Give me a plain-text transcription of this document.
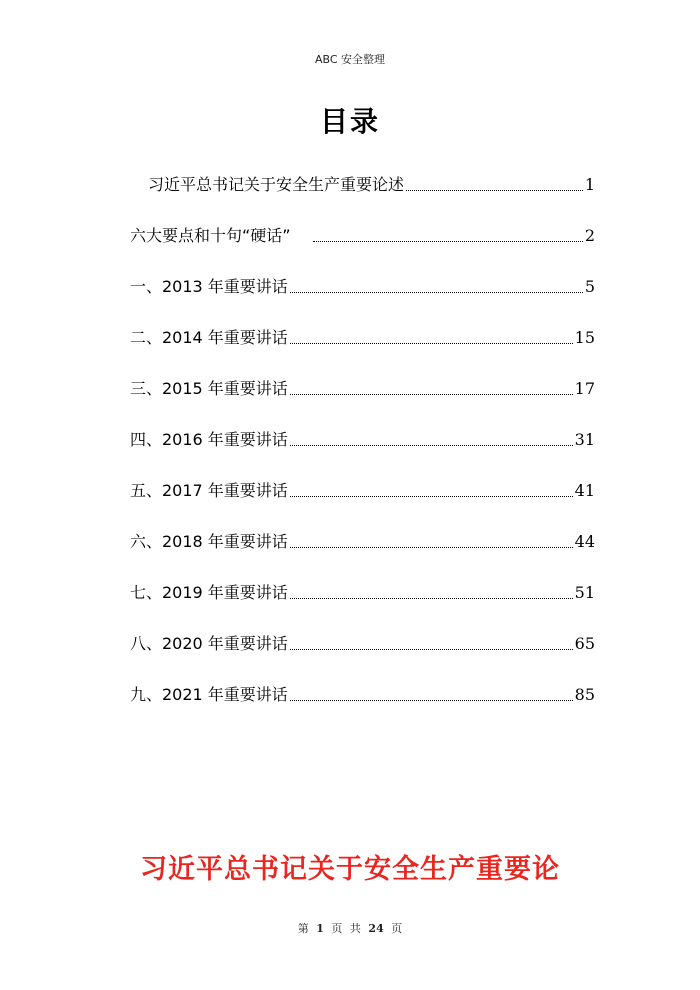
ABC 安全整理
目录
习近平总书记关于安全生产重要论述	1
六大要点和十句“硬话”	2
一、2013 年重要讲话	5
二、2014 年重要讲话	15
三、2015 年重要讲话	17
四、2016 年重要讲话	31
五、2017 年重要讲话	41
六、2018 年重要讲话	44
七、2019 年重要讲话	51
八、2020 年重要讲话	65
九、2021 年重要讲话	85
习近平总书记关于安全生产重要论
第 1 页 共 24 页
